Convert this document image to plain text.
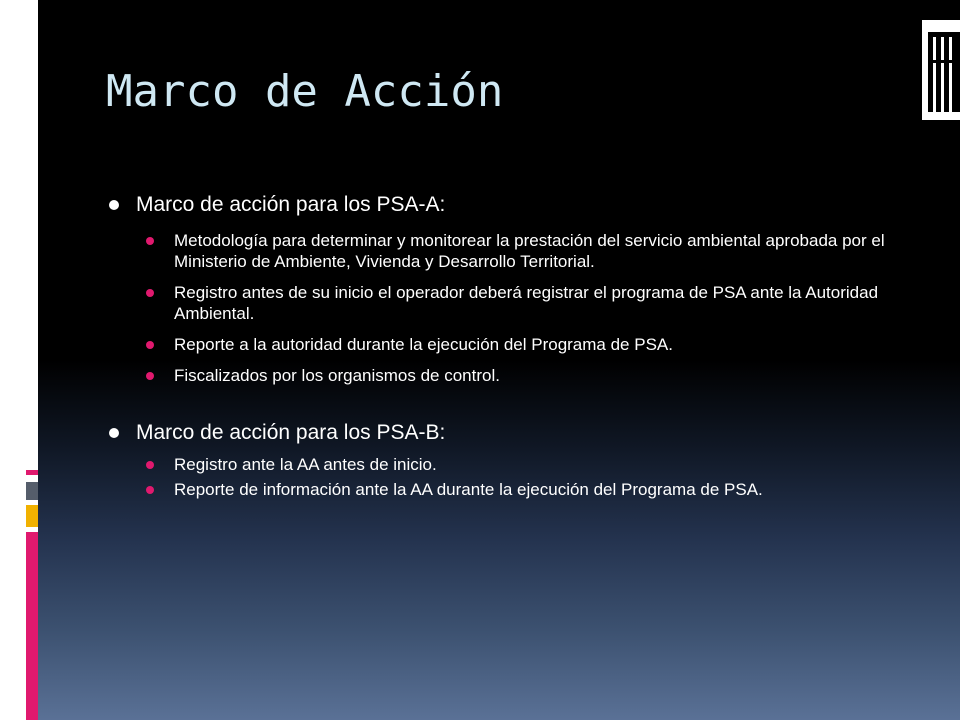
Marco de Acción
Marco de acción para los PSA-A:
Metodología para determinar y monitorear la prestación del servicio ambiental aprobada por el Ministerio de Ambiente, Vivienda y Desarrollo Territorial.
Registro antes de su inicio el operador deberá registrar el programa de PSA ante la Autoridad Ambiental.
Reporte a la autoridad durante la ejecución del Programa de PSA.
Fiscalizados por los organismos de control.
Marco de acción para los PSA-B:
Registro ante la AA antes de inicio.
Reporte de información ante la AA durante la ejecución del Programa de PSA.
